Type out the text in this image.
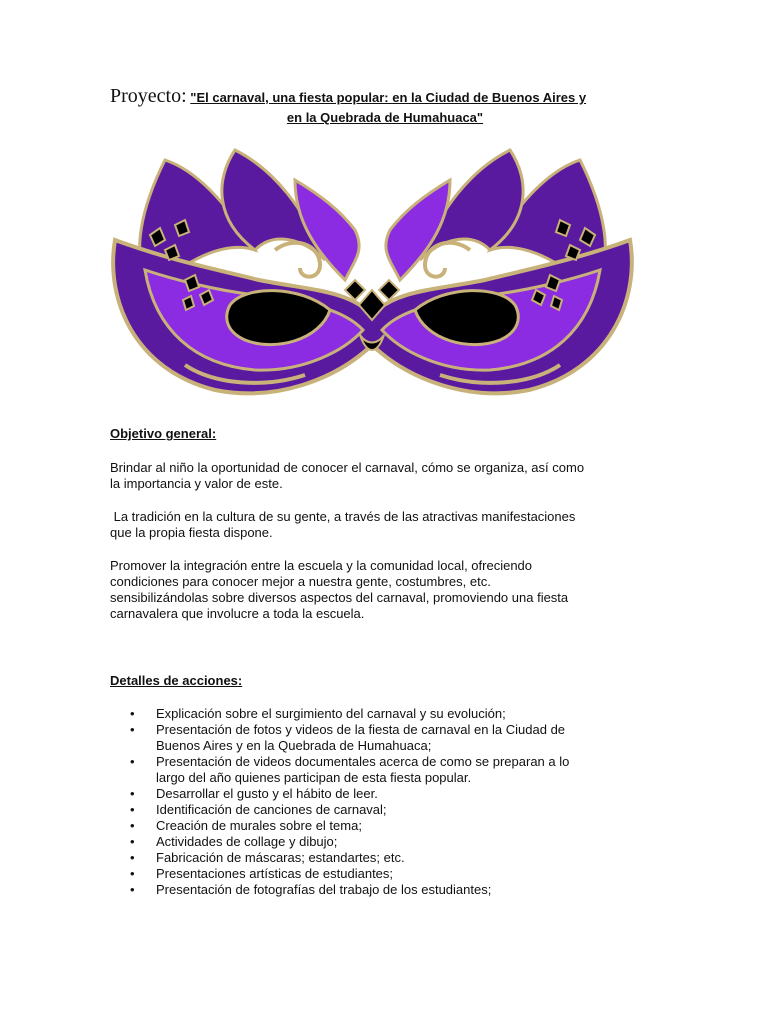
Proyecto: "El carnaval, una fiesta popular: en la Ciudad de Buenos Aires y
en la Quebrada de Humahuaca"
Objetivo general:

Brindar al niño la oportunidad de conocer el carnaval, cómo se organiza, así como
la importancia y valor de este.

La tradición en la cultura de su gente, a través de las atractivas manifestaciones
que la propia fiesta dispone.

Promover la integración entre la escuela y la comunidad local, ofreciendo
condiciones para conocer mejor a nuestra gente, costumbres, etc.
sensibilizándolas sobre diversos aspectos del carnaval, promoviendo una fiesta
carnavalera que involucre a toda la escuela.

Detalles de acciones:
• Explicación sobre el surgimiento del carnaval y su evolución;
• Presentación de fotos y videos de la fiesta de carnaval en la Ciudad de
Buenos Aires y en la Quebrada de Humahuaca;
• Presentación de videos documentales acerca de como se preparan a lo
largo del año quienes participan de esta fiesta popular.
• Desarrollar el gusto y el hábito de leer.
• Identificación de canciones de carnaval;
• Creación de murales sobre el tema;
• Actividades de collage y dibujo;
• Fabricación de máscaras; estandartes; etc.
• Presentaciones artísticas de estudiantes;
• Presentación de fotografías del trabajo de los estudiantes;
